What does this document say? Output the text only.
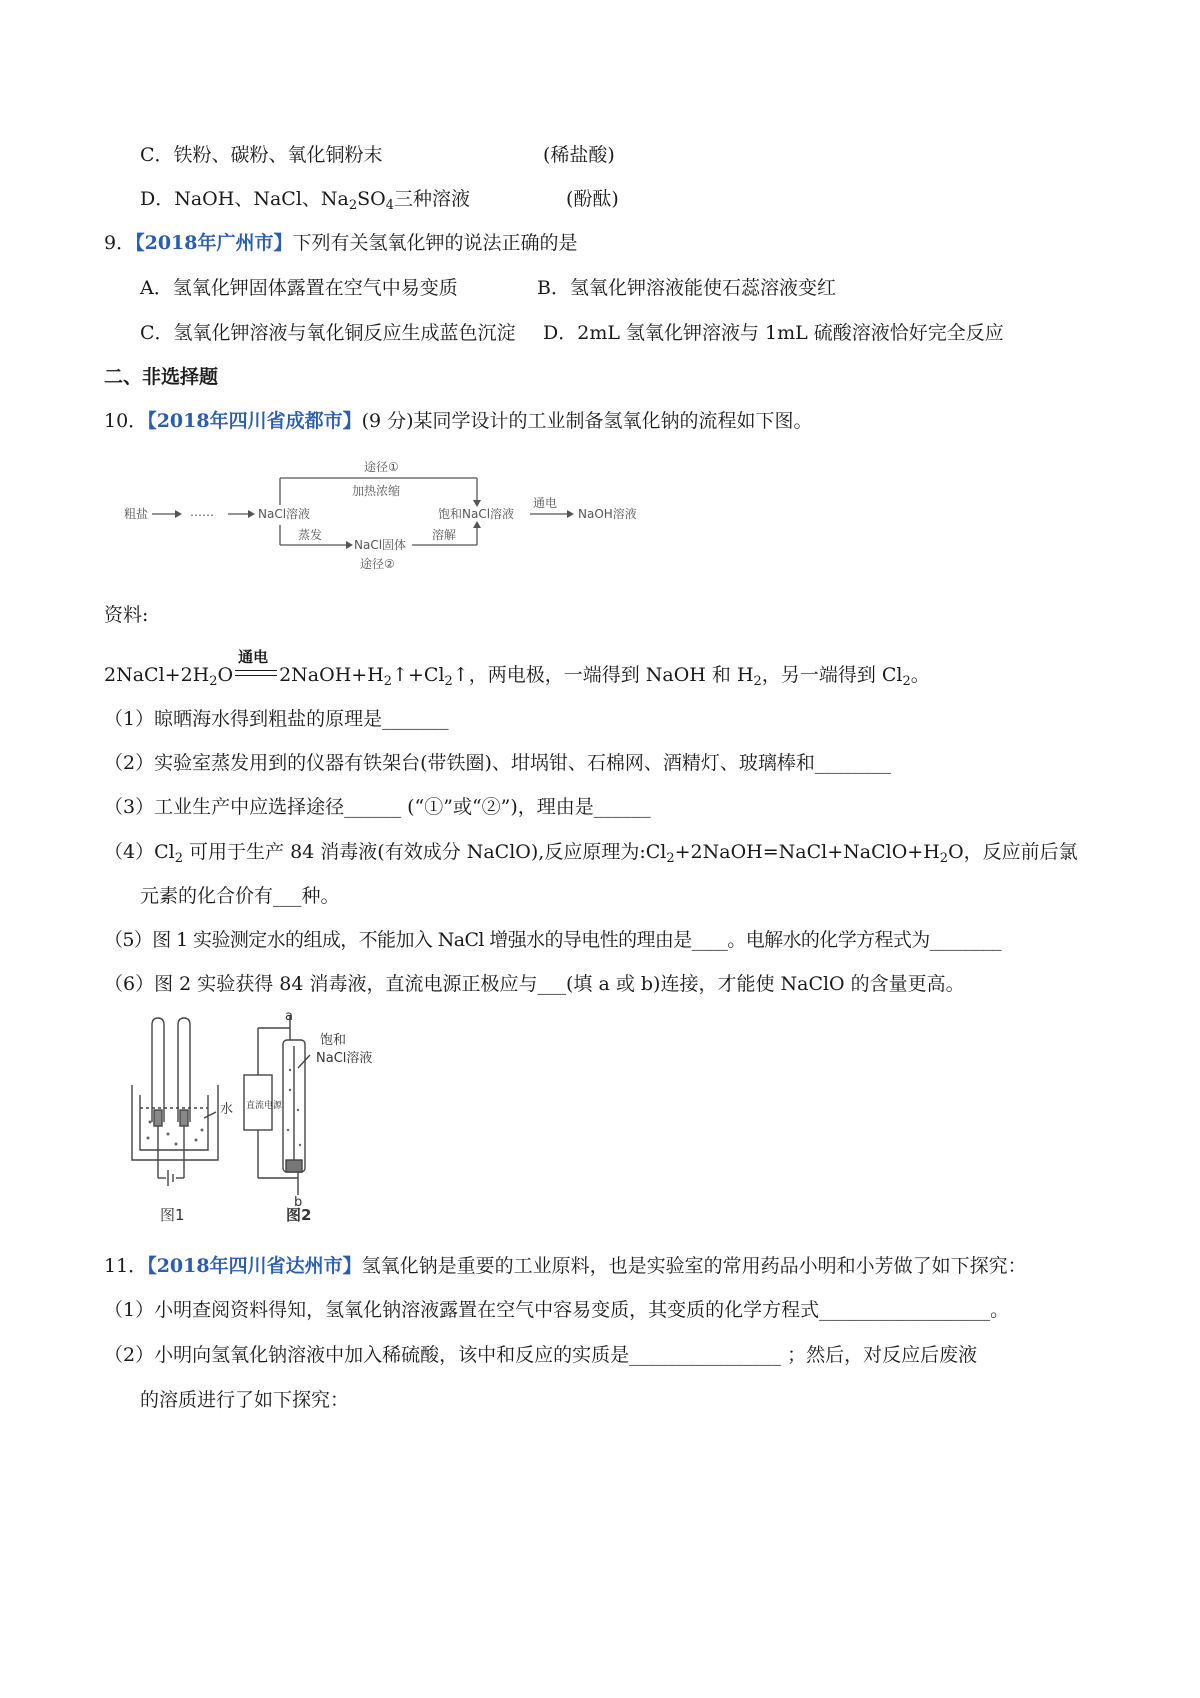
C．铁粉、碳粉、氧化铜粉末	(稀盐酸)
D．NaOH、NaCl、$Na_2SO_4$三种溶液	(酚酞)
9．【2018年广州市】下列有关氢氧化钾的说法正确的是
A．氢氧化钾固体露置在空气中易变质	B．氢氧化钾溶液能使石蕊溶液变红
C．氢氧化钾溶液与氧化铜反应生成蓝色沉淀 D．2mL 氢氧化钾溶液与 1mL 硫酸溶液恰好完全反应
二、非选择题
10．【2018年四川省成都市】(9 分)某同学设计的工业制备氢氧化钠的流程如下图。
粗盐	……	NaCl溶液
途径①
加热浓缩
饱和NaCl溶液
通电
NaOH溶液
蒸发
NaCl固体
溶解
途径②
资料:
$2NaCl+2H_2O$
通电
$2NaOH+H_2↑+Cl_2↑$，两电极，一端得到 NaOH 和 $H_2$，另一端得到 $Cl_2$。
（1）晾晒海水得到粗盐的原理是_______
（2）实验室蒸发用到的仪器有铁架台(带铁圈)、坩埚钳、石棉网、酒精灯、玻璃棒和________
（3）工业生产中应选择途径______ (“①”或“②”)，理由是______
$(4)Cl_2$ 可用于生产 84 消毒液(有效成分 NaClO),反应原理为$:Cl_2+2NaOH=NaCl+NaClO+H_2O$，反应前后氯
元素的化合价有___种。
（5）图 1 实验测定水的组成，不能加入 NaCl 增强水的导电性的理由是____。电解水的化学方程式为________
（6）图 2 实验获得 84 消毒液，直流电源正极应与___(填 a 或 b)连接，才能使 NaClO 的含量更高。
水
图1
a
b
饱和
NaCl溶液
图2
直流电源
11．【2018年四川省达州市】氢氧化钠是重要的工业原料，也是实验室的常用药品小明和小芳做了如下探究：
（1）小明查阅资料得知，氢氧化钠溶液露置在空气中容易变质，其变质的化学方程式__________________。
（2）小明向氢氧化钠溶液中加入稀硫酸，该中和反应的实质是________________ ；然后，对反应后废液
的溶质进行了如下探究：
